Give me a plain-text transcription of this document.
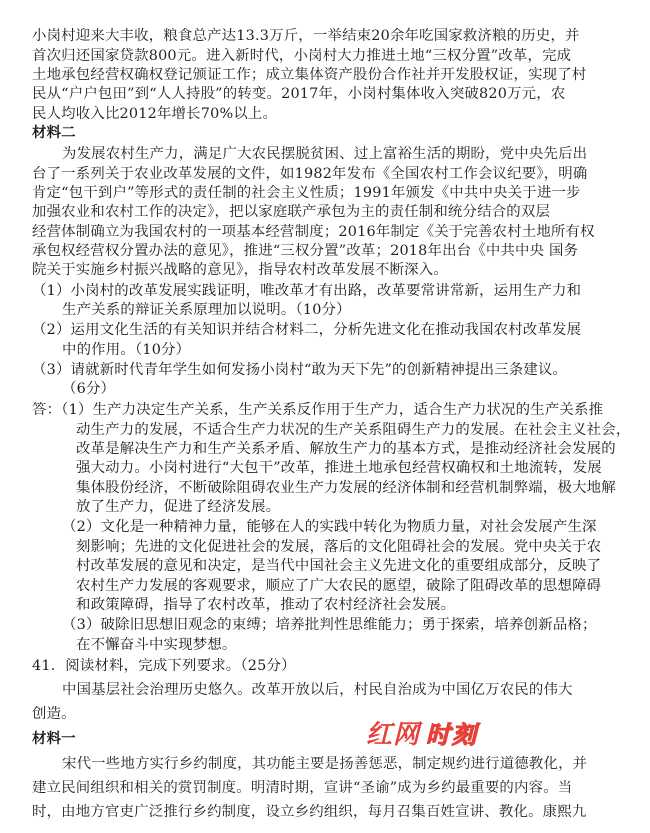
小岗村迎来大丰收，粮食总产达13.3万斤，一举结束20余年吃国家救济粮的历史，并
首次归还国家贷款800元。进入新时代，小岗村大力推进土地“三权分置”改革，完成
土地承包经营权确权登记颁证工作；成立集体资产股份合作社并开发股权证，实现了村
民从“户户包田”到“人人持股”的转变。2017年，小岗村集体收入突破820万元，农
民人均收入比2012年增长70%以上。
材料二
为发展农村生产力，满足广大农民摆脱贫困、过上富裕生活的期盼，党中央先后出
台了一系列关于农业改革发展的文件，如1982年发布《全国农村工作会议纪要》，明确
肯定“包干到户”等形式的责任制的社会主义性质；1991年颁发《中共中央关于进一步
加强农业和农村工作的决定》，把以家庭联产承包为主的责任制和统分结合的双层
经营体制确立为我国农村的一项基本经营制度；2016年制定《关于完善农村土地所有权
承包权经营权分置办法的意见》，推进“三权分置”改革；2018年出台《中共中央 国务
院关于实施乡村振兴战略的意见》，指导农村改革发展不断深入。
（1）小岗村的改革发展实践证明，唯改革才有出路，改革要常讲常新，运用生产力和
生产关系的辩证关系原理加以说明。（10分）
（2）运用文化生活的有关知识并结合材料二，分析先进文化在推动我国农村改革发展
中的作用。（10分）
（3）请就新时代青年学生如何发扬小岗村“敢为天下先”的创新精神提出三条建议。
（6分）
答：（1）生产力决定生产关系，生产关系反作用于生产力，适合生产力状况的生产关系推
动生产力的发展，不适合生产力状况的生产关系阻碍生产力的发展。在社会主义社会，
改革是解决生产力和生产关系矛盾、解放生产力的基本方式，是推动经济社会发展的
强大动力。小岗村进行“大包干”改革，推进土地承包经营权确权和土地流转，发展
集体股份经济，不断破除阻碍农业生产力发展的经济体制和经营机制弊端，极大地解
放了生产力，促进了经济发展。
（2）文化是一种精神力量，能够在人的实践中转化为物质力量，对社会发展产生深
刻影响；先进的文化促进社会的发展，落后的文化阻碍社会的发展。党中央关于农
村改革发展的意见和决定，是当代中国社会主义先进文化的重要组成部分，反映了
农村生产力发展的客观要求，顺应了广大农民的愿望，破除了阻碍改革的思想障碍
和政策障碍，指导了农村改革，推动了农村经济社会发展。
（3）破除旧思想旧观念的束缚；培养批判性思维能力；勇于探索，培养创新品格；
在不懈奋斗中实现梦想。
41．阅读材料，完成下列要求。（25分）
中国基层社会治理历史悠久。改革开放以后，村民自治成为中国亿万农民的伟大
创造。
材料一
宋代一些地方实行乡约制度，其功能主要是扬善惩恶，制定规约进行道德教化，并
建立民间组织和相关的赏罚制度。明清时期，宣讲“圣谕”成为乡约最重要的内容。当
时，由地方官吏广泛推行乡约制度，设立乡约组织，每月召集百姓宣讲、教化。康熙九
红网 时刻
